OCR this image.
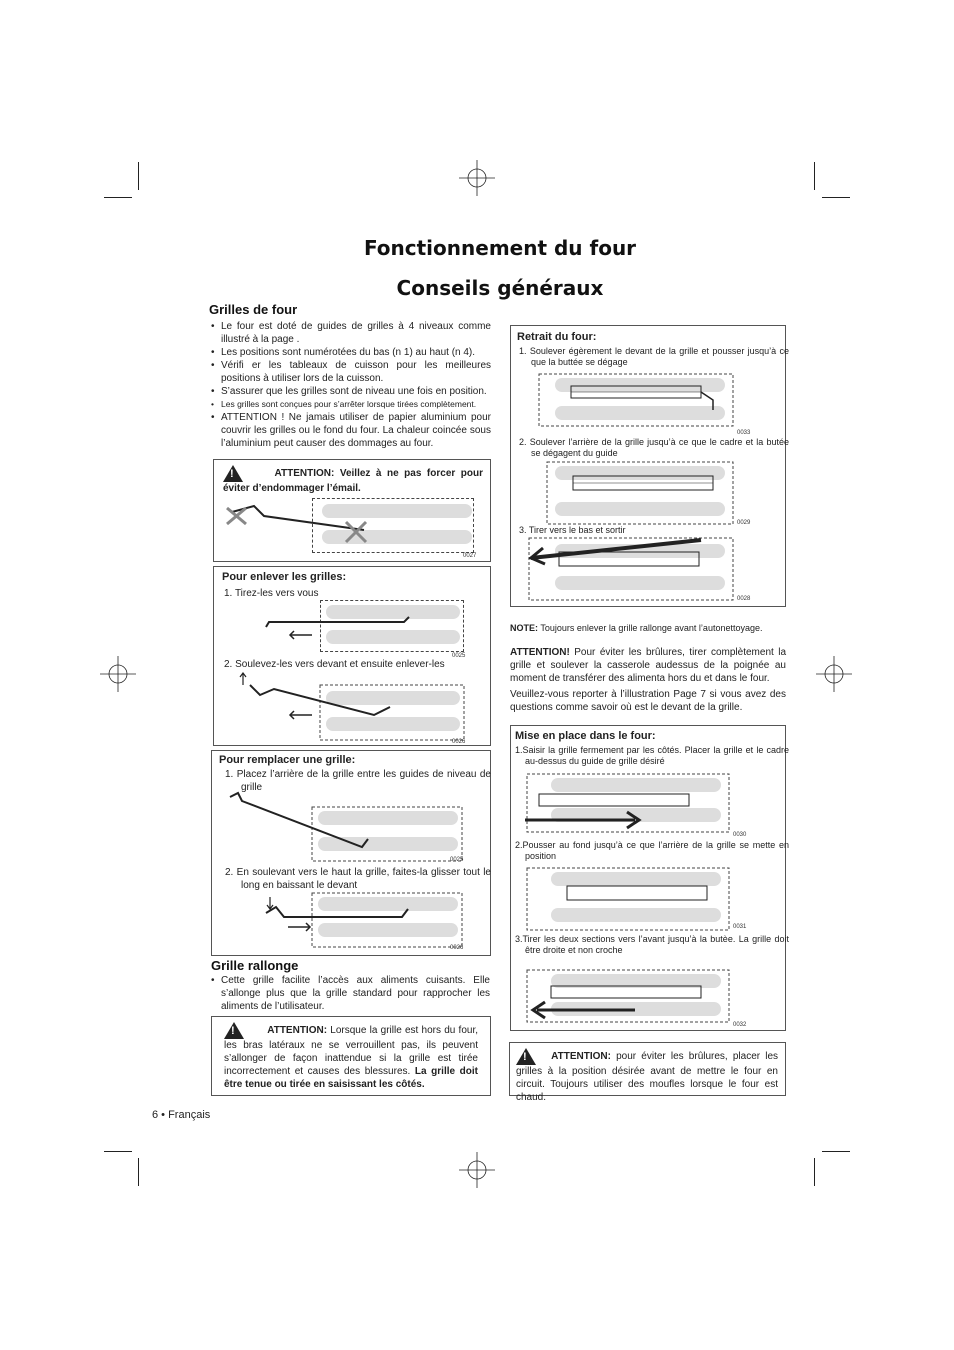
Fonctionnement du four
Conseils généraux
Grilles de four
• Le four est doté de guides de grilles à 4 niveaux comme illustré à la page .
• Les positions sont numérotées du bas (n 1) au haut (n 4).
• Vérifi er les tableaux de cuisson pour les meilleures positions à utiliser lors de la cuisson.
• S’assurer que les grilles sont de niveau une fois en position.
• Les grilles sont conçues pour s’arrêter lorsque tirées complètement.
• ATTENTION ! Ne jamais utiliser de papier aluminium pour couvrir les grilles ou le fond du four. La chaleur coincée sous l’aluminium peut causer des dommages au four.
!	ATTENTION: Veillez à ne pas forcer pour éviter d’endommager l’émail.
0027
Pour enlever les grilles:
1. Tirez-les vers vous
0025
2. Soulevez-les vers devant et ensuite enlever-les
0026
Pour remplacer une grille:
1. Placez l’arrière de la grille entre les guides de niveau de grille
0025
2. En soulevant vers le haut la grille, faites-la glisser tout le long en baissant le devant
0026
Grille rallonge
• Cette grille facilite l’accès aux aliments cuisants. Elle s’allonge plus que la grille standard pour rapprocher les aliments de l’utilisateur.
!	ATTENTION: Lorsque la grille est hors du four, les bras latéraux ne se verrouillent pas, ils peuvent s’allonger de façon inattendue si la grille est tirée incorrectement et causes des blessures. La grille doit être tenue ou tirée en saisissant les côtés.
6 • Français
Retrait du four:
1. Soulever égèrement le devant de la grille et pousser jusqu’à ce que la buttée se dégage
2. Soulever l’arrière de la grille jusqu’à ce que le cadre et la butée se dégagent du guide
3. Tirer vers le bas et sortir
0033
0029
0028
NOTE: Toujours enlever la grille rallonge avant l’autonettoyage.
ATTENTION! Pour éviter les brûlures, tirer complètement la grille et soulever la casserole audessus de la poignée au moment de transférer des alimenta hors du et dans le four.
Veuillez-vous reporter à l’illustration Page 7 si vous avez des questions comme savoir où est le devant de la grille.
Mise en place dans le four:
1.Saisir la grille fermement par les côtés. Placer la grille et le cadre au-dessus du guide de grille désiré
2.Pousser au fond jusqu’à ce que l’arrière de la grille se mette en position
3.Tirer les deux sections vers l’avant jusqu’à la butèe. La grille doit être droite et non croche
0030
0031
0032
! ATTENTION: pour éviter les brûlures, placer les grilles à la position désirée avant de mettre le four en circuit. Toujours utiliser des moufles lorsque le four est chaud.
